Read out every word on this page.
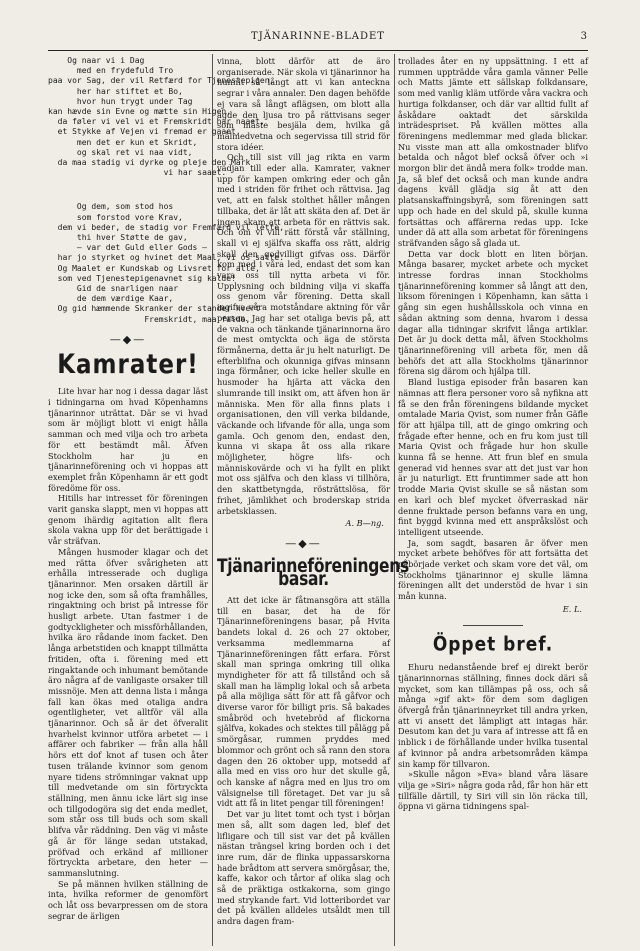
TJÄNARINNE-BLADET	3
Og naar vi i Dag
med en frydefuld Tro
paa vor Sag, der vil Retfærd for Tjenestepigen,
her har stiftet et Bo,
hvor hun trygt under Tag
kan hævde sin Evne og mætte sin Higen,
da føler vi vel vi et Fremskridt har naaet,
et Stykke af Vejen vi fremad er gaaet,
men det er kun et Skridt,
og skal ret vi naa vidt,
da maa stadig vi dyrke og pleje den Mark
vi har saaet.
Og dem, som stod hos
som forstod vore Krav,
dem vi beder, de stadig vor Fremfærd vil lette,
thi hver Støtte de gav,
— var det Guld eller Gods —
har jo styrket og hvinet det Maal, vi os satte.
Og Maalet er Kundskab og Livsret for alle,
som ved Tjenestepigenavnet sig kalde!
Gid de snarligen naar
de dem værdige Kaar,
Og gid hæmmende Skranker der stander hvert
Fremskridt, maa falde,
—◆—
Kamrater!

Lite hvar har nog i dessa dagar läst i tidningarna om hvad Köpenhamns tjänarinnor uträttat. Där se vi hvad som är möjligt blott vi enigt hålla samman och med vilja och tro arbeta för ett bestämdt mål. Äfven Stockholm har ju en tjänarinneförening och vi hoppas att exemplet från Köpenhamn är ett godt föredöme för oss.

Hitills har intresset för föreningen varit ganska slappt, men vi hoppas att genom ihärdig agitation allt flera skola vakna upp för det berättigade i vår sträfvan.

Mången husmoder klagar och det med rätta öfver svårigheten att erhålla intresserade och dugliga tjänarinnor. Men orsaken därtill är nog icke den, som så ofta framhålles, ringaktning och brist på intresse för husligt arbete. Utan fastmer i de godtyckligheter och missförhållanden, hvilka äro rådande inom facket. Den långa arbetstiden och knappt tillmätta fritiden, ofta i. förening med ett ringaktande och inhumant bemötande äro några af de vanligaste orsaker till missnöje. Men att denna lista i många fall kan ökas med otaliga andra ogentligheter, vet alltför väl alla tjänarinnor. Och så är det öfveralit hvarhelst kvinnor utföra arbetet — i affärer och fabriker — från alla håll hörs ett dof knot af tusen och åter tusen trälande kvinnor som genom nyare tidens strömningar vaknat upp till medvetande om sin förtryckta ställning, men ännu icke lärt sig inse och tillgodogöra sig det enda medlet, som står oss till buds och som skall blifva vår räddning. Den väg vi måste gå är för länge sedan utstakad, pröfvad och erkänd af millioner förtryckta arbetare, den heter — sammanslutning.

Se på männen hvilken ställning de inta, hvilka reformer de genomfört och låt oss bevarpressen om de stora segrar de ärligen

vinna, blott därför att de äro organiserade. När skola vi tjänarinnor ha hunnit så långt att vi kan anteckna segrar i våra annaler. Den dagen behöfde ej vara så långt aflägsen, om blott alla ägde den ljusa tro på rättvisans seger som måste besjäla dem, hvilka gå målmedvetna och segervissa till strid för stora idéer.

Och till sist vill jag rikta en varm vädjan till eder alla. Kamrater, vakner upp för kampen omkring eder och gån med i striden för frihet och rättvisa. Jag vet, att en falsk stolthet håller mången tillbaka, det är låt att skäta den af. Det är ingen skam att arbeta för en rättvis sak. Och om vi vill rätt förstå vår ställning, skall vi ej själfva skaffa oss rätt, aldrig skall den godvilligt gifvas oss. Därför kom med i våra led, endast det som kan vara oss till nytta arbeta vi för. Upplysning och bildning vilja vi skaffa oss genom vår förening. Detta skall ingifva våra motståndare aktning för vår person. Jag har set otaliga bevis på, att de vakna och tänkande tjänarinnorna äro de mest omtyckta och äga de största förmånerna, detta är ju helt naturligt. De efterblifna och okunniga gifvas minsann inga förmåner, och icke heller skulle en husmoder ha hjärta att väcka den slumrande till insikt om, att äfven hon är människa. Men för alla finns plats i organisationen, den vill verka bildande, väckande och lifvande för alla, unga som gamla. Och genom den, endast den, kunna vi skapa åt oss alla rikare möjligheter, högre lifs- och människovärde och vi ha fyllt en plikt mot oss själfva och den klass vi tillhöra, den skattbetyngda, rösträttslösa, för frihet, jämlikhet och broderskap strida arbetsklassen.

A. B—ng.
—◆—
Tjänarinneföreningens basar.

Att det icke är fåtmansgöra att ställa till en basar, det ha de för Tjänarinneföreningens basar, på Hvita bandets lokal d. 26 och 27 oktober, verksamma medlemmarna af Tjänarinneföreningen fått erfara. Först skall man springa omkring till olika myndigheter för att få tillstånd och så skall man ha lämplig lokal och så arbeta på alla möjliga sätt för att få gåfvor och diverse varor för billigt pris. Så bakades småbröd och hvetebröd af flickorna själfva, kokades och stektes till pålägg på smörgåsar, rummen pryddes med blommor och grönt och så rann den stora dagen den 26 oktober upp, motsedd af alla med en viss oro hur det skulle gå, och kanske af några med en ljus tro om välsignelse till företaget. Det var ju så vidt att få in litet pengar till föreningen!

Det var ju litet tomt och tyst i början men så, allt som dagen led, blef det lifligare och till sist var det på kvällen nästan trängsel kring borden och i det inre rum, där de flinka uppassarskorna hade brådtom att servera smörgåsar, the, kaffe, kakor och tårtor af olika slag och så de präktiga ostkakorna, som gingo med strykande fart. Vid lotteribordet var det på kvällen alldeles utsåldt men till andra dagen fram-

trollades åter en ny uppsättning. I ett af rummen uppträdde våra gamla vänner Pelle och Matts jämte ett sällskap folkdansare, som med vanlig kläm utförde våra vackra och hurtiga folkdanser, och där var alltid fullt af åskådare oaktadt det särskilda inträdespriset. På kvällen möttes alla föreningens medlemmar med glada blickar. Nu visste man att alla omkostnader blifvo betalda och något blef också öfver och »i morgon blir det ändå mera folk» trodde man. Ja, så blef det också och man kunde andra dagens kväll glädja sig åt att den platsanskaffningsbyrå, som föreningen satt upp och hade en del skuld på, skulle kunna fortsättas och affärerna redas upp. Icke under dä att alla som arbetat för föreningens sträfvanden sågo så glada ut.

Detta var dock blott en liten början. Många basarer, mycket arbete och mycket intresse fordras innan Stockholms tjänarinneförening kommer så långt att den, liksom föreningen i Köpenhamn, kan sätta i gång sin egen hushållsskola och vinna en sådan aktning som denna, hvarom i dessa dagar alla tidningar skrifvit långa artiklar. Det är ju dock detta mål, äfven Stockholms tjänarinneförening vill arbeta för, men då behöfs det att alla Stockholms tjänarinnor förena sig därom och hjälpa till.

Bland lustiga episoder från basaren kan nämnas att flera personer voro så nyfikna att få se den från föreningens bildande mycket omtalade Maria Qvist, som numer från Gäfle för att hjälpa till, att de gingo omkring och frågade efter henne, och en fru kom just till Maria Qvist och frågade hur hon skulle kunna få se henne. Att frun blef en smula generad vid hennes svar att det just var hon är ju naturligt. Ett fruntimmer sade att hon trodde Maria Qvist skulle se så nästan som en karl och blef mycket öfverraskad när denne fruktade person befanns vara en ung, fint byggd kvinna med ett anspråkslöst och intelligent utseende.

Ja, som sagdt, basaren är öfver men mycket arbete behöfves för att fortsätta det påbörjade verket och skam vore det väl, om Stockholms tjänarinnor ej skulle lämna föreningen allt det understöd de hvar i sin mån kunna.

E. L.
Öppet bref.

Ehuru nedanstående bref ej direkt berör tjänarinnornas ställning, finnes dock däri så mycket, som kan tillämpas på oss, och så många »gif akt» för dem som dagligen öfvergå från tjänarinneyrket till andra yrken, att vi ansett det lämpligt att intagas här. Desutom kan det ju vara af intresse att få en inblick i de förhållande under hvilka tusental af kvinnor på andra arbetsområden kämpa sin kamp för tillvaron.

»Skulle någon »Eva» bland våra läsare vilja ge »Siri» några goda råd, får hon här ett tillfälle därtill, ty Siri vill sin lön räcka till, öppna vi gärna tidningens spal-
